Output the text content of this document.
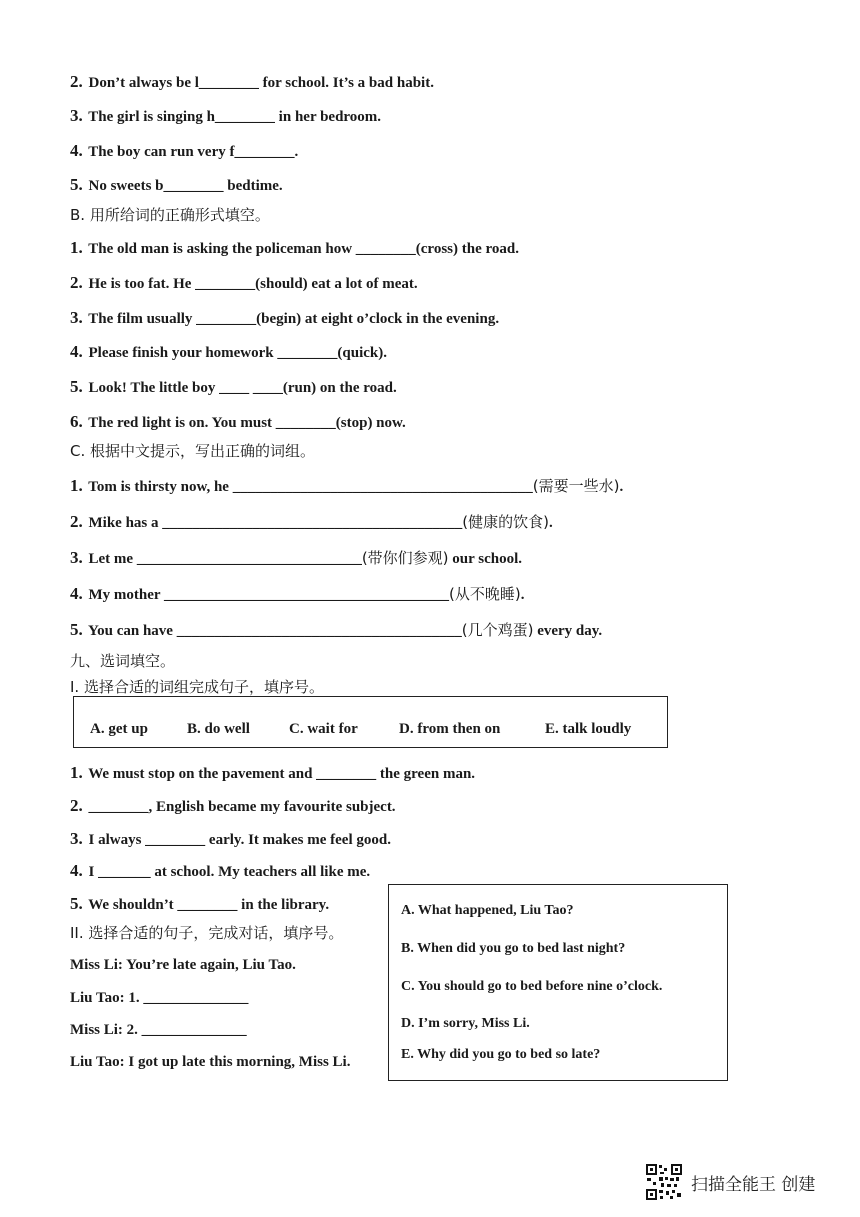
2. Don’t always be l________ for school. It’s a bad habit.
3. The girl is singing h________ in her bedroom.
4. The boy can run very f________.
5. No sweets b________ bedtime.
B. 用所给词的正确形式填空。
1. The old man is asking the policeman how ________(cross) the road.
2. He is too fat. He ________(should) eat a lot of meat.
3. The film usually ________(begin) at eight o’clock in the evening.
4. Please finish your homework ________(quick).
5. Look! The little boy ____ ____(run) on the road.
6. The red light is on. You must ________(stop) now.
C. 根据中文提示，写出正确的词组。
1. Tom is thirsty now, he ________________________________________(需要一些水).
2. Mike has a ________________________________________(健康的饮食).
3. Let me ______________________________(带你们参观) our school.
4. My mother ______________________________________(从不晚睡).
5. You can have ______________________________________(几个鸡蛋) every day.
九、选词填空。
I. 选择合适的词组完成句子，填序号。
A. get up	B. do well	C. wait for	D. from then on	E. talk loudly
1. We must stop on the pavement and ________ the green man.
2. ________, English became my favourite subject.
3. I always ________ early. It makes me feel good.
4. I _______ at school. My teachers all like me.
5. We shouldn’t ________ in the library.
II. 选择合适的句子，完成对话，填序号。
Miss Li: You’re late again, Liu Tao.
Liu Tao: 1. ______________
Miss Li: 2. ______________
Liu Tao: I got up late this morning, Miss Li.
A. What happened, Liu Tao?
B. When did you go to bed last night?
C. You should go to bed before nine o’clock.
D. I’m sorry, Miss Li.
E. Why did you go to bed so late?
扫描全能王 创建
